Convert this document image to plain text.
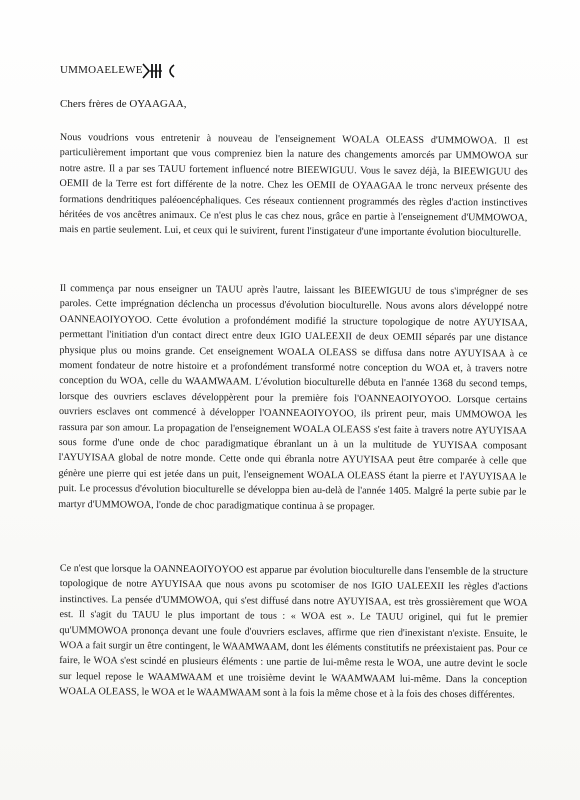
UMMOAELEWE
Chers frères de OYAAGAA,
Nous voudrions vous entretenir à nouveau de l'enseignement WOALA OLEASS d'UMMOWOA. Il est particulièrement important que vous compreniez bien la nature des changements amorcés par UMMOWOA sur notre astre. Il a par ses TAUU fortement influencé notre BIEEWIGUU. Vous le savez déjà, la BIEEWIGUU des OEMII de la Terre est fort différente de la notre. Chez les OEMII de OYAAGAA le tronc nerveux présente des formations dendritiques paléoencéphaliques. Ces réseaux contiennent programmés des règles d'action instinctives héritées de vos ancêtres animaux. Ce n'est plus le cas chez nous, grâce en partie à l'enseignement d'UMMOWOA, mais en partie seulement. Lui, et ceux qui le suivirent, furent l'instigateur d'une importante évolution bioculturelle.
Il commença par nous enseigner un TAUU après l'autre, laissant les BIEEWIGUU de tous s'imprégner de ses paroles. Cette imprégnation déclencha un processus d'évolution bioculturelle. Nous avons alors développé notre OANNEAOIYOYOO. Cette évolution a profondément modifié la structure topologique de notre AYUYISAA, permettant l'initiation d'un contact direct entre deux IGIO UALEEXII de deux OEMII séparés par une distance physique plus ou moins grande. Cet enseignement WOALA OLEASS se diffusa dans notre AYUYISAA à ce moment fondateur de notre histoire et a profondément transformé notre conception du WOA et, à travers notre conception du WOA, celle du WAAMWAAM. L'évolution bioculturelle débuta en l'année 1368 du second temps, lorsque des ouvriers esclaves développèrent pour la première fois l'OANNEAOIYOYOO. Lorsque certains ouvriers esclaves ont commencé à développer l'OANNEAOIYOYOO, ils prirent peur, mais UMMOWOA les rassura par son amour. La propagation de l'enseignement WOALA OLEASS s'est faite à travers notre AYUYISAA sous forme d'une onde de choc paradigmatique ébranlant un à un la multitude de YUYISAA composant l'AYUYISAA global de notre monde. Cette onde qui ébranla notre AYUYISAA peut être comparée à celle que génère une pierre qui est jetée dans un puit, l'enseignement WOALA OLEASS étant la pierre et l'AYUYISAA le puit. Le processus d'évolution bioculturelle se développa bien au-delà de l'année 1405. Malgré la perte subie par le martyr d'UMMOWOA, l'onde de choc paradigmatique continua à se propager.
Ce n'est que lorsque la OANNEAOIYOYOO est apparue par évolution bioculturelle dans l'ensemble de la structure topologique de notre AYUYISAA que nous avons pu scotomiser de nos IGIO UALEEXII les règles d'actions instinctives. La pensée d'UMMOWOA, qui s'est diffusé dans notre AYUYISAA, est très grossièrement que WOA est. Il s'agit du TAUU le plus important de tous : « WOA est ». Le TAUU originel, qui fut le premier qu'UMMOWOA prononça devant une foule d'ouvriers esclaves, affirme que rien d'inexistant n'existe. Ensuite, le WOA a fait surgir un être contingent, le WAAMWAAM, dont les éléments constitutifs ne préexistaient pas. Pour ce faire, le WOA s'est scindé en plusieurs éléments : une partie de lui-même resta le WOA, une autre devint le socle sur lequel repose le WAAMWAAM et une troisième devint le WAAMWAAM lui-même. Dans la conception WOALA OLEASS, le WOA et le WAAMWAAM sont à la fois la même chose et à la fois des choses différentes.
